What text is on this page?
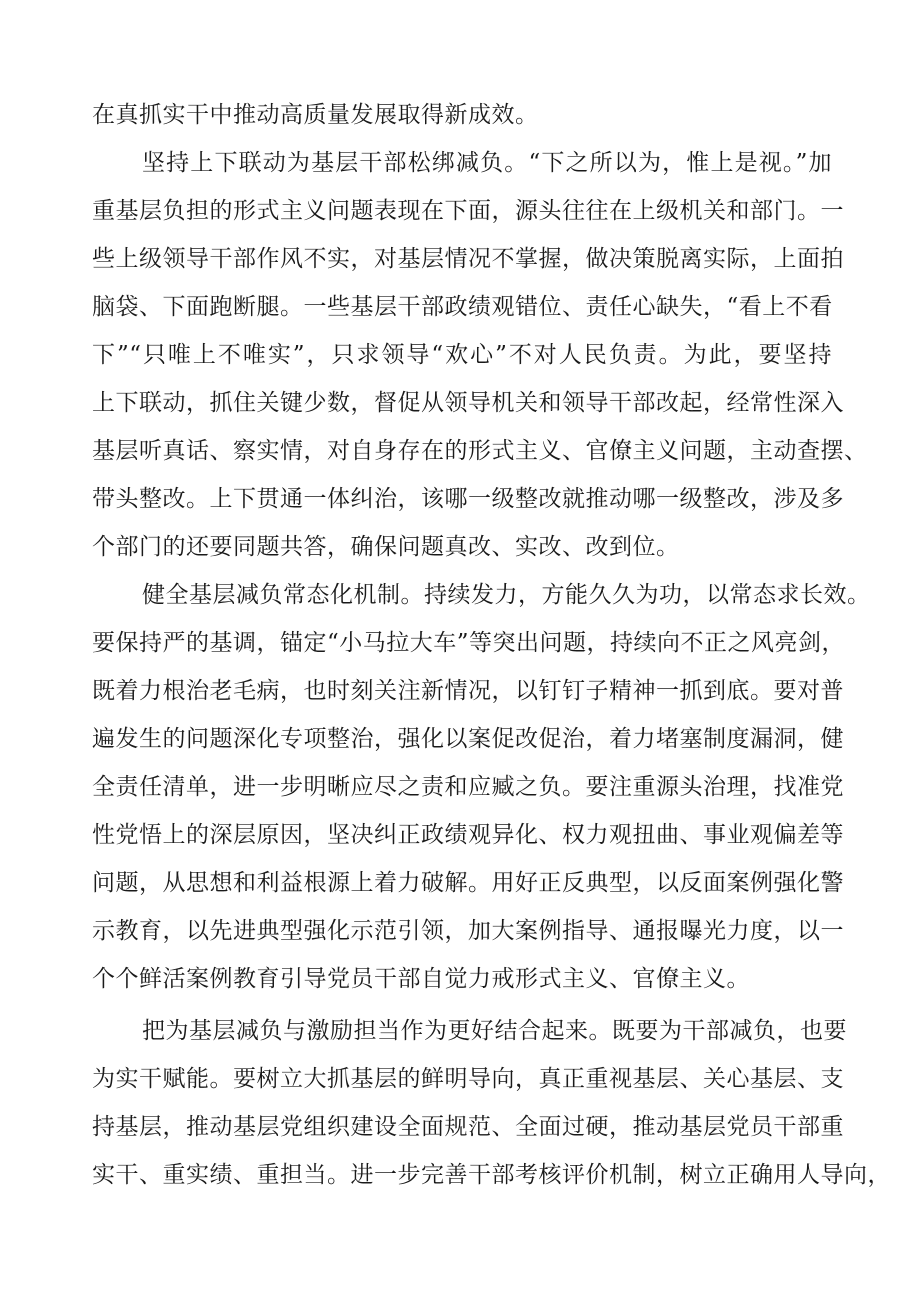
在真抓实干中推动高质量发展取得新成效。
坚持上下联动为基层干部松绑减负。“下之所以为，惟上是视。”加
重基层负担的形式主义问题表现在下面，源头往往在上级机关和部门。一
些上级领导干部作风不实，对基层情况不掌握，做决策脱离实际，上面拍
脑袋、下面跑断腿。一些基层干部政绩观错位、责任心缺失，“看上不看
下”“只唯上不唯实”，只求领导“欢心”不对人民负责。为此，要坚持
上下联动，抓住关键少数，督促从领导机关和领导干部改起，经常性深入
基层听真话、察实情，对自身存在的形式主义、官僚主义问题，主动查摆、
带头整改。上下贯通一体纠治，该哪一级整改就推动哪一级整改，涉及多
个部门的还要同题共答，确保问题真改、实改、改到位。
健全基层减负常态化机制。持续发力，方能久久为功，以常态求长效。
要保持严的基调，锚定“小马拉大车”等突出问题，持续向不正之风亮剑，
既着力根治老毛病，也时刻关注新情况，以钉钉子精神一抓到底。要对普
遍发生的问题深化专项整治，强化以案促改促治，着力堵塞制度漏洞，健
全责任清单，进一步明晰应尽之责和应臧之负。要注重源头治理，找准党
性党悟上的深层原因，坚决纠正政绩观异化、权力观扭曲、事业观偏差等
问题，从思想和利益根源上着力破解。用好正反典型，以反面案例强化警
示教育，以先进典型强化示范引领，加大案例指导、通报曝光力度，以一
个个鲜活案例教育引导党员干部自觉力戒形式主义、官僚主义。
把为基层减负与激励担当作为更好结合起来。既要为干部减负，也要
为实干赋能。要树立大抓基层的鲜明导向，真正重视基层、关心基层、支
持基层，推动基层党组织建设全面规范、全面过硬，推动基层党员干部重
实干、重实绩、重担当。进一步完善干部考核评价机制，树立正确用人导向，
